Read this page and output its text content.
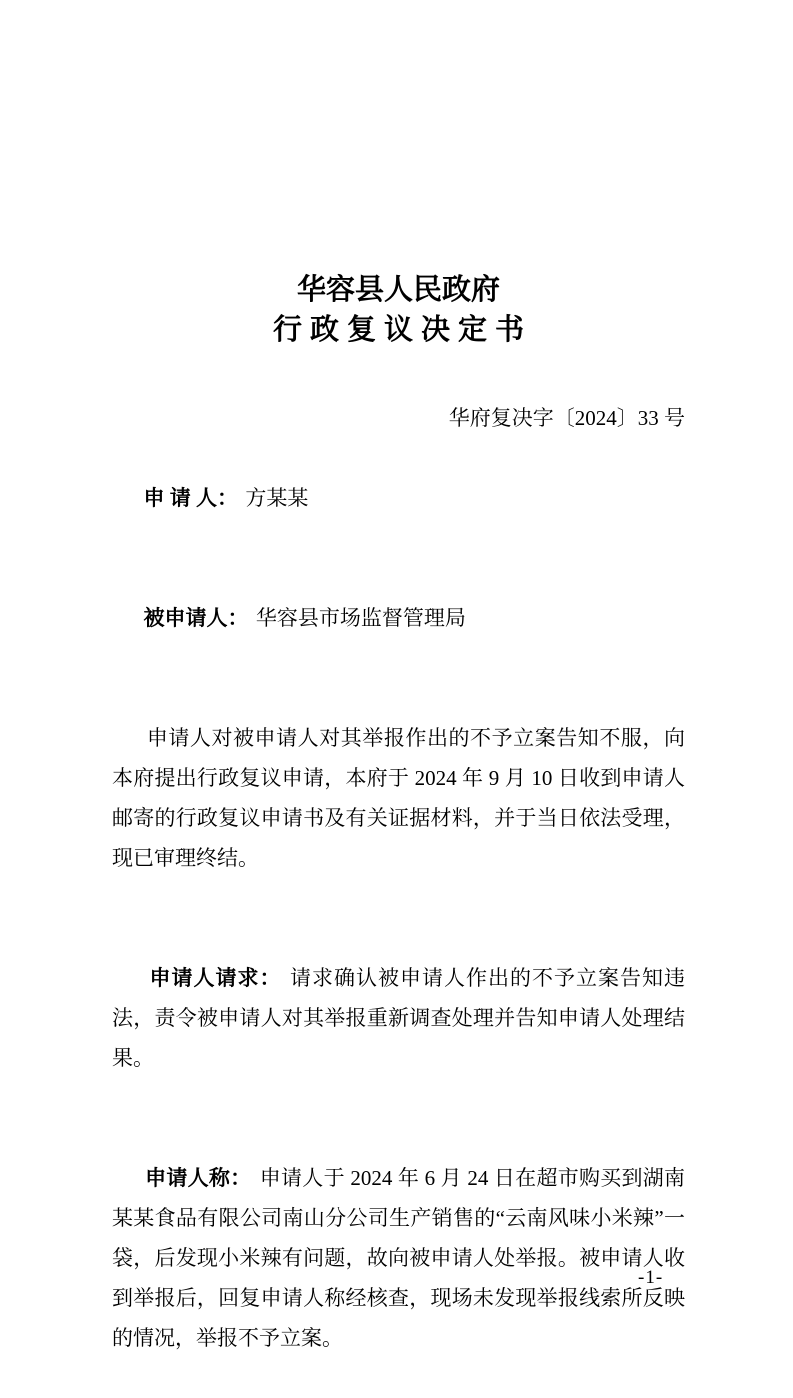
华容县人民政府
行政复议决定书
华府复决字〔2024〕33 号

申 请 人： 方某某

被申请人： 华容县市场监督管理局

申请人对被申请人对其举报作出的不予立案告知不服，向本府提出行政复议申请，本府于 2024 年 9 月 10 日收到申请人邮寄的行政复议申请书及有关证据材料，并于当日依法受理，现已审理终结。

申请人请求： 请求确认被申请人作出的不予立案告知违法，责令被申请人对其举报重新调查处理并告知申请人处理结果。

申请人称： 申请人于 2024 年 6 月 24 日在超市购买到湖南某某食品有限公司南山分公司生产销售的“云南风味小米辣”一袋，后发现小米辣有问题，故向被申请人处举报。被申请人收到举报后，回复申请人称经核查，现场未发现举报线索所反映的情况，举报不予立案。

-1-
